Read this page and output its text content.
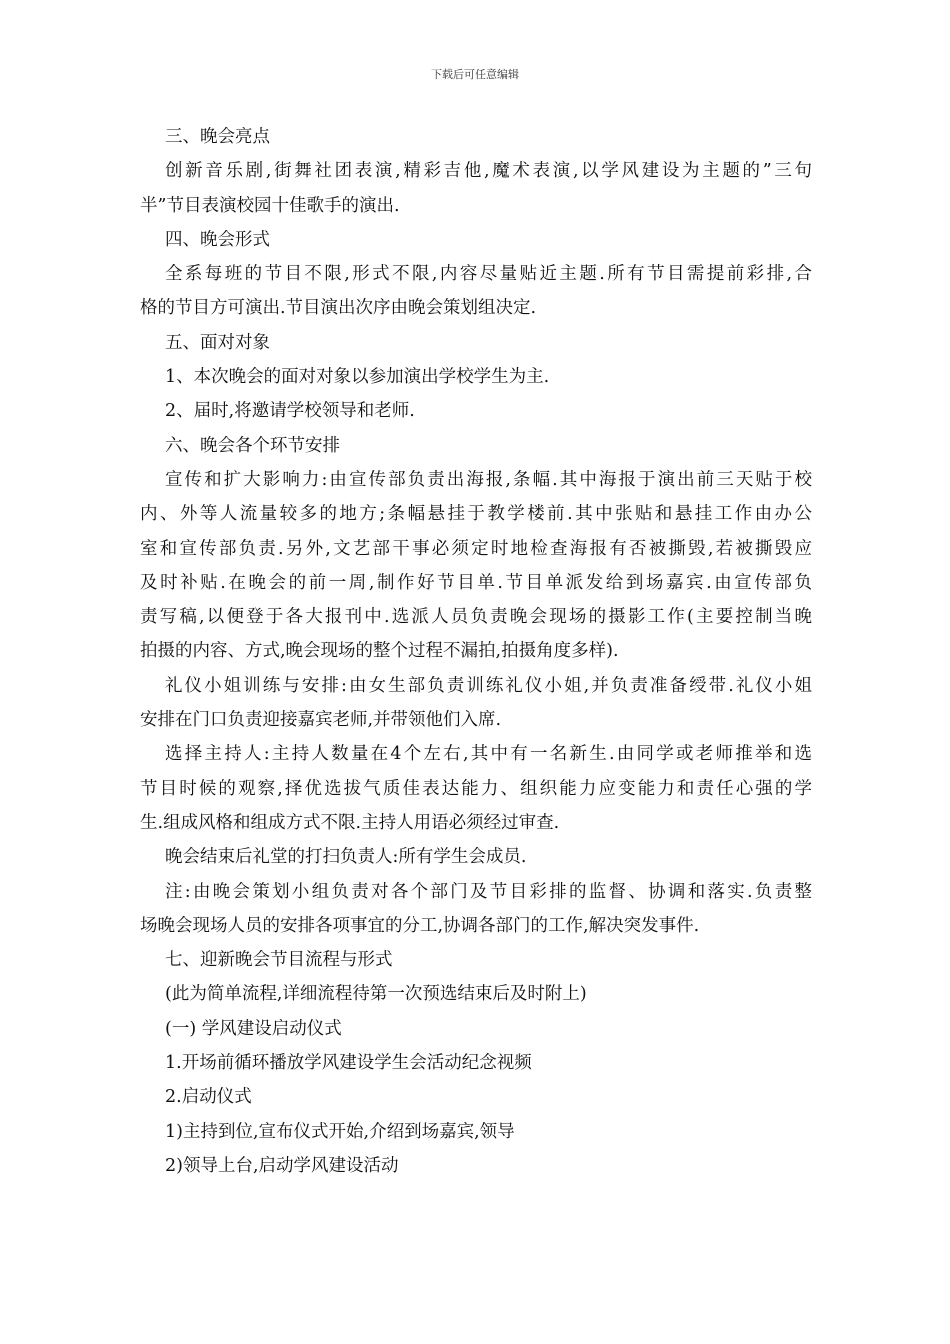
下载后可任意编辑
三、晚会亮点
创新音乐剧,街舞社团表演,精彩吉他,魔术表演,以学风建设为主题的”三句
半”节目表演校园十佳歌手的演出.
四、晚会形式
全系每班的节目不限,形式不限,内容尽量贴近主题.所有节目需提前彩排,合
格的节目方可演出.节目演出次序由晚会策划组决定.
五、面对对象
1、本次晚会的面对对象以参加演出学校学生为主.
2、届时,将邀请学校领导和老师.
六、晚会各个环节安排
宣传和扩大影响力:由宣传部负责出海报,条幅.其中海报于演出前三天贴于校
内、外等人流量较多的地方;条幅悬挂于教学楼前.其中张贴和悬挂工作由办公
室和宣传部负责.另外,文艺部干事必须定时地检查海报有否被撕毁,若被撕毁应
及时补贴.在晚会的前一周,制作好节目单.节目单派发给到场嘉宾.由宣传部负
责写稿,以便登于各大报刊中.选派人员负责晚会现场的摄影工作(主要控制当晚
拍摄的内容、方式,晚会现场的整个过程不漏拍,拍摄角度多样).
礼仪小姐训练与安排:由女生部负责训练礼仪小姐,并负责准备绶带.礼仪小姐
安排在门口负责迎接嘉宾老师,并带领他们入席.
选择主持人:主持人数量在4个左右,其中有一名新生.由同学或老师推举和选
节目时候的观察,择优选拔气质佳表达能力、组织能力应变能力和责任心强的学
生.组成风格和组成方式不限.主持人用语必须经过审查.
晚会结束后礼堂的打扫负责人:所有学生会成员.
注:由晚会策划小组负责对各个部门及节目彩排的监督、协调和落实.负责整
场晚会现场人员的安排各项事宜的分工,协调各部门的工作,解决突发事件.
七、迎新晚会节目流程与形式
(此为简单流程,详细流程待第一次预选结束后及时附上)
(一) 学风建设启动仪式
1.开场前循环播放学风建设学生会活动纪念视频
2.启动仪式
1)主持到位,宣布仪式开始,介绍到场嘉宾,领导
2)领导上台,启动学风建设活动
